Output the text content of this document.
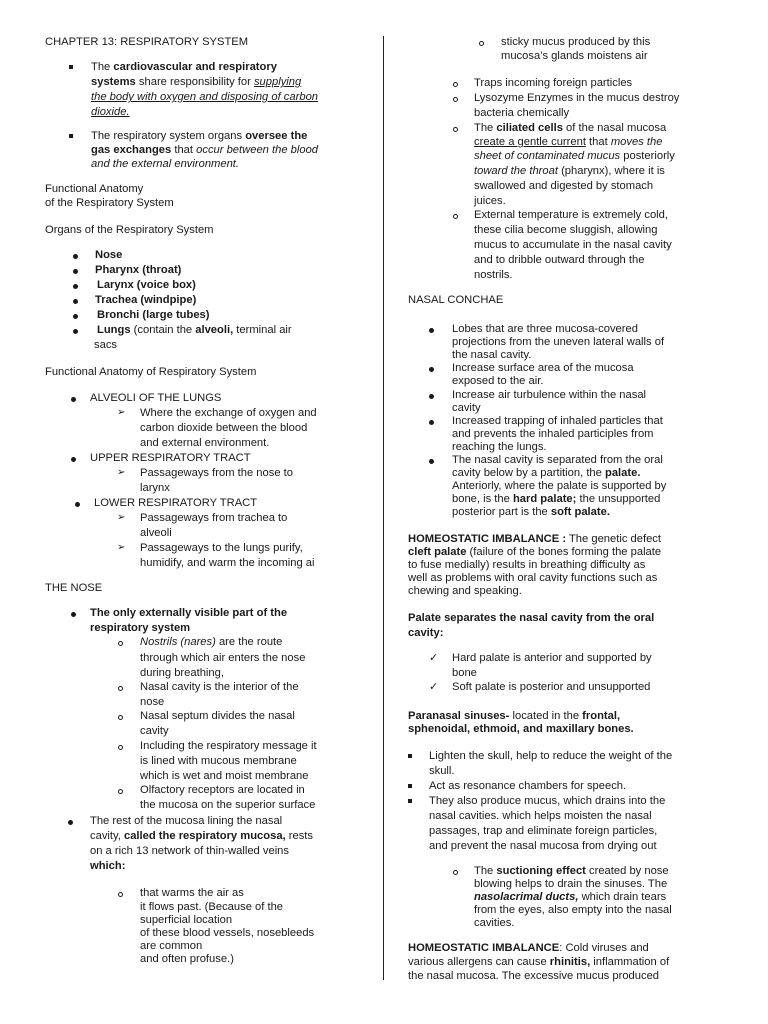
CHAPTER 13: RESPIRATORY SYSTEM
The cardiovascular and respiratory
systems share responsibility for supplying
the body with oxygen and disposing of carbon
dioxide.
The respiratory system organs oversee the
gas exchanges that occur between the blood
and the external environment.
Functional Anatomy
of the Respiratory System
Organs of the Respiratory System
Nose
Pharynx (throat)
Larynx (voice box)
Trachea (windpipe)
Bronchi (large tubes)
Lungs (contain the alveoli, terminal air
sacs
Functional Anatomy of Respiratory System
ALVEOLI OF THE LUNGS
➢ Where the exchange of oxygen and
carbon dioxide between the blood
and external environment.
UPPER RESPIRATORY TRACT
➢ Passageways from the nose to
larynx
LOWER RESPIRATORY TRACT
➢ Passageways from trachea to
alveoli
➢ Passageways to the lungs purify,
humidify, and warm the incoming ai
THE NOSE
The only externally visible part of the
respiratory system
Nostrils (nares) are the route
through which air enters the nose
during breathing,
Nasal cavity is the interior of the
nose
Nasal septum divides the nasal
cavity
Including the respiratory message it
is lined with mucous membrane
which is wet and moist membrane
Olfactory receptors are located in
the mucosa on the superior surface
The rest of the mucosa lining the nasal
cavity, called the respiratory mucosa, rests
on a rich 13 network of thin-walled veins
which:
that warms the air as
it flows past. (Because of the
superficial location
of these blood vessels, nosebleeds
are common
and often profuse.)
sticky mucus produced by this
mucosa’s glands moistens air
Traps incoming foreign particles
Lysozyme Enzymes in the mucus destroy
bacteria chemically
The ciliated cells of the nasal mucosa
create a gentle current that moves the
sheet of contaminated mucus posteriorly
toward the throat (pharynx), where it is
swallowed and digested by stomach
juices.
External temperature is extremely cold,
these cilia become sluggish, allowing
mucus to accumulate in the nasal cavity
and to dribble outward through the
nostrils.
NASAL CONCHAE
Lobes that are three mucosa-covered
projections from the uneven lateral walls of
the nasal cavity.
Increase surface area of the mucosa
exposed to the air.
Increase air turbulence within the nasal
cavity
Increased trapping of inhaled particles that
and prevents the inhaled participles from
reaching the lungs.
The nasal cavity is separated from the oral
cavity below by a partition, the palate.
Anteriorly, where the palate is supported by
bone, is the hard palate; the unsupported
posterior part is the soft palate.
HOMEOSTATIC IMBALANCE : The genetic defect
cleft palate (failure of the bones forming the palate
to fuse medially) results in breathing difficulty as
well as problems with oral cavity functions such as
chewing and speaking.
Palate separates the nasal cavity from the oral
cavity:
✓ Hard palate is anterior and supported by
bone
✓ Soft palate is posterior and unsupported
Paranasal sinuses- located in the frontal,
sphenoidal, ethmoid, and maxillary bones.
Lighten the skull, help to reduce the weight of the
skull.
Act as resonance chambers for speech.
They also produce mucus, which drains into the
nasal cavities. which helps moisten the nasal
passages, trap and eliminate foreign particles,
and prevent the nasal mucosa from drying out
The suctioning effect created by nose
blowing helps to drain the sinuses. The
nasolacrimal ducts, which drain tears
from the eyes, also empty into the nasal
cavities.
HOMEOSTATIC IMBALANCE: Cold viruses and
various allergens can cause rhinitis, inflammation of
the nasal mucosa. The excessive mucus produced
